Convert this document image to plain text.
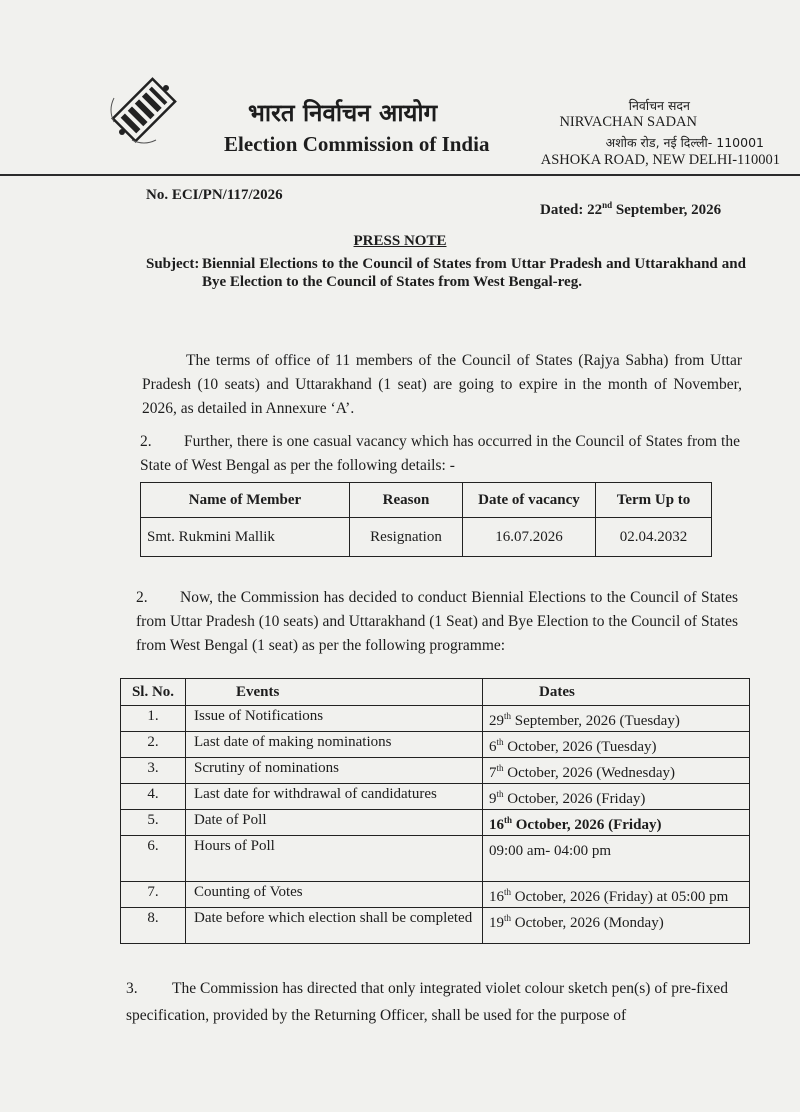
भारत निर्वाचन आयोग
Election Commission of India
निर्वाचन सदन
NIRVACHAN SADAN
अशोक रोड, नई दिल्ली- 110001
ASHOKA ROAD, NEW DELHI-110001
No. ECI/PN/117/2026
Dated: 22nd September, 2026
PRESS NOTE
Subject: Biennial Elections to the Council of States from Uttar Pradesh and Uttarakhand and Bye Election to the Council of States from West Bengal-reg.
The terms of office of 11 members of the Council of States (Rajya Sabha) from Uttar Pradesh (10 seats) and Uttarakhand (1 seat) are going to expire in the month of November, 2026, as detailed in Annexure ‘A’.
2. Further, there is one casual vacancy which has occurred in the Council of States from the State of West Bengal as per the following details: -
Name of Member	Reason	Date of vacancy	Term Up to
Smt. Rukmini Mallik	Resignation	16.07.2026	02.04.2032
2. Now, the Commission has decided to conduct Biennial Elections to the Council of States from Uttar Pradesh (10 seats) and Uttarakhand (1 Seat) and Bye Election to the Council of States from West Bengal (1 seat) as per the following programme:
Sl. No.	Events	Dates
1.	Issue of Notifications	29th September, 2026 (Tuesday)
2.	Last date of making nominations	6th October, 2026 (Tuesday)
3.	Scrutiny of nominations	7th October, 2026 (Wednesday)
4.	Last date for withdrawal of candidatures	9th October, 2026 (Friday)
5.	Date of Poll	16th October, 2026 (Friday)
6.	Hours of Poll	09:00 am- 04:00 pm
7.	Counting of Votes	16th October, 2026 (Friday) at 05:00 pm
8.	Date before which election shall be completed	19th October, 2026 (Monday)
3. The Commission has directed that only integrated violet colour sketch pen(s) of pre-fixed specification, provided by the Returning Officer, shall be used for the purpose of
